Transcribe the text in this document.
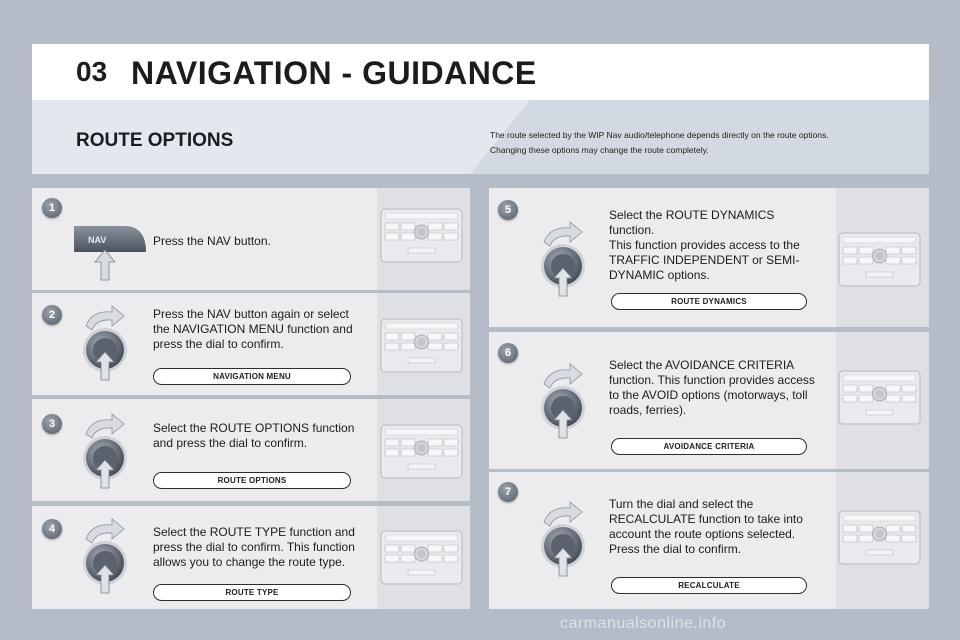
03 NAVIGATION - GUIDANCE
ROUTE OPTIONS	The route selected by the WIP Nav audio/telephone depends directly on the route options.

Changing these options may change the route completely.

1
NAV	Press the NAV button.
2	Press the NAV button again or select the NAVIGATION MENU function and press the dial to confirm.
NAVIGATION MENU
3	Select the ROUTE OPTIONS function and press the dial to confirm.
ROUTE OPTIONS
4	Select the ROUTE TYPE function and press the dial to confirm. This function allows you to change the route type.
ROUTE TYPE
5	Select the ROUTE DYNAMICS function.
This function provides access to the TRAFFIC INDEPENDENT or SEMI-DYNAMIC options.
ROUTE DYNAMICS
6
Select the AVOIDANCE CRITERIA function. This function provides access to the AVOID options (motorways, toll roads, ferries).
AVOIDANCE CRITERIA
7
Turn the dial and select the RECALCULATE function to take into account the route options selected. Press the dial to confirm.
RECALCULATE
carmanualsonline.info
